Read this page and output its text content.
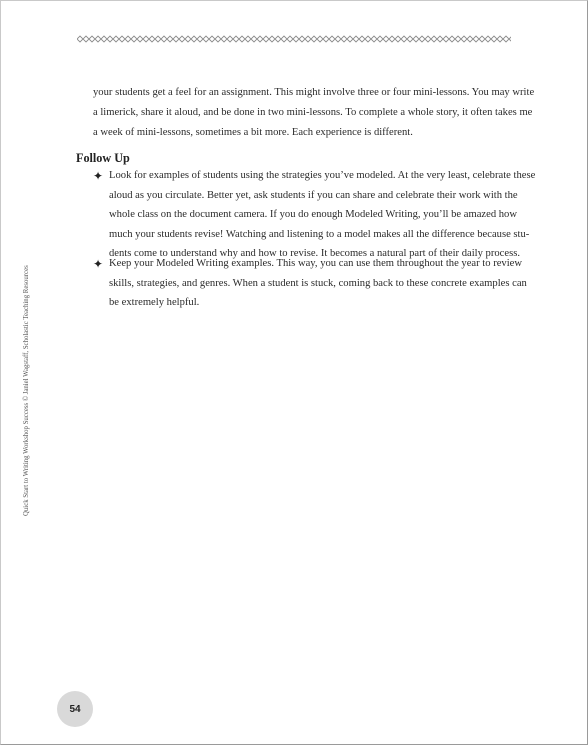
your students get a feel for an assignment. This might involve three or four mini-lessons. You may write
a limerick, share it aloud, and be done in two mini-lessons. To complete a whole story, it often takes me
a week of mini-lessons, sometimes a bit more. Each experience is different.

Follow Up
✦ Look for examples of students using the strategies you’ve modeled. At the very least, celebrate these
aloud as you circulate. Better yet, ask students if you can share and celebrate their work with the
whole class on the document camera. If you do enough Modeled Writing, you’ll be amazed how
much your students revise! Watching and listening to a model makes all the difference because stu-
dents come to understand why and how to revise. It becomes a natural part of their daily process.
✦ Keep your Modeled Writing examples. This way, you can use them throughout the year to review
skills, strategies, and genres. When a student is stuck, coming back to these concrete examples can
be extremely helpful.
Quick Start to Writing Workshop Success © Janiel Wagstaff, Scholastic Teaching Resources
54
